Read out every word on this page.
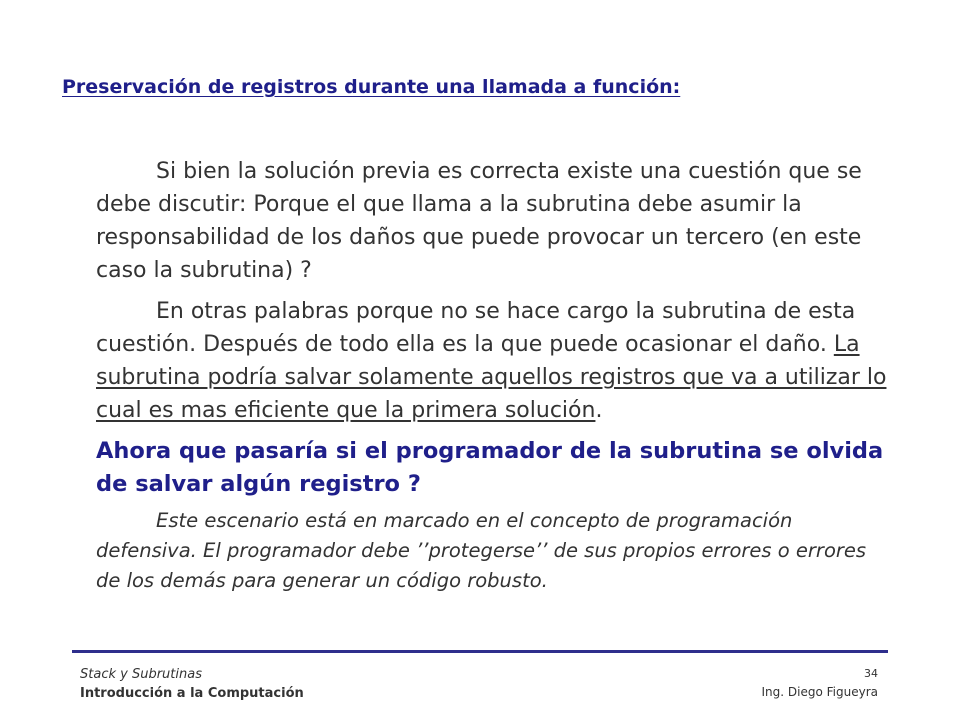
Preservación de registros durante una llamada a función:

Si bien la solución previa es correcta existe una cuestión que se debe discutir: Porque el que llama a la subrutina debe asumir la responsabilidad de los daños que puede provocar un tercero (en este caso la subrutina) ?

En otras palabras porque no se hace cargo la subrutina de esta cuestión. Después de todo ella es la que puede ocasionar el daño. La subrutina podría salvar solamente aquellos registros que va a utilizar lo cual es mas eficiente que la primera solución.

Ahora que pasaría si el programador de la subrutina se olvida de salvar algún registro ?

Este escenario está en marcado en el concepto de programación defensiva. El programador debe ’’protegerse’’ de sus propios errores o errores de los demás para generar un código robusto.

Stack y Subrutinas
Introducción a la Computación
34
Ing. Diego Figueyra
